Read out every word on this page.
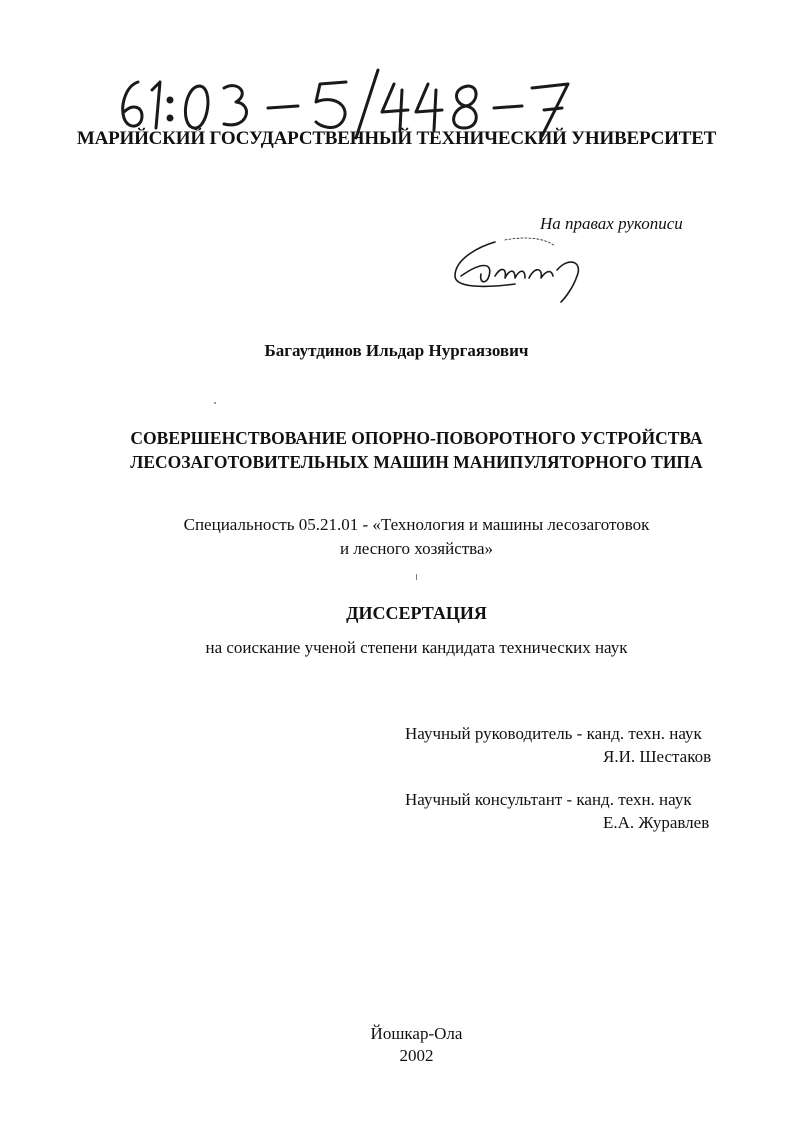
МАРИЙСКИЙ ГОСУДАРСТВЕННЫЙ ТЕХНИЧЕСКИЙ УНИВЕРСИТЕТ
На правах рукописи
Багаутдинов Ильдар Нургаязович
СОВЕРШЕНСТВОВАНИЕ ОПОРНО-ПОВОРОТНОГО УСТРОЙСТВА
ЛЕСОЗАГОТОВИТЕЛЬНЫХ МАШИН МАНИПУЛЯТОРНОГО ТИПА
Специальность 05.21.01 - «Технология и машины лесозаготовок
и лесного хозяйства»
ДИССЕРТАЦИЯ
на соискание ученой степени кандидата технических наук
Научный руководитель - канд. техн. наук
Я.И. Шестаков
Научный консультант - канд. техн. наук
Е.А. Журавлев
Йошкар-Ола
2002
